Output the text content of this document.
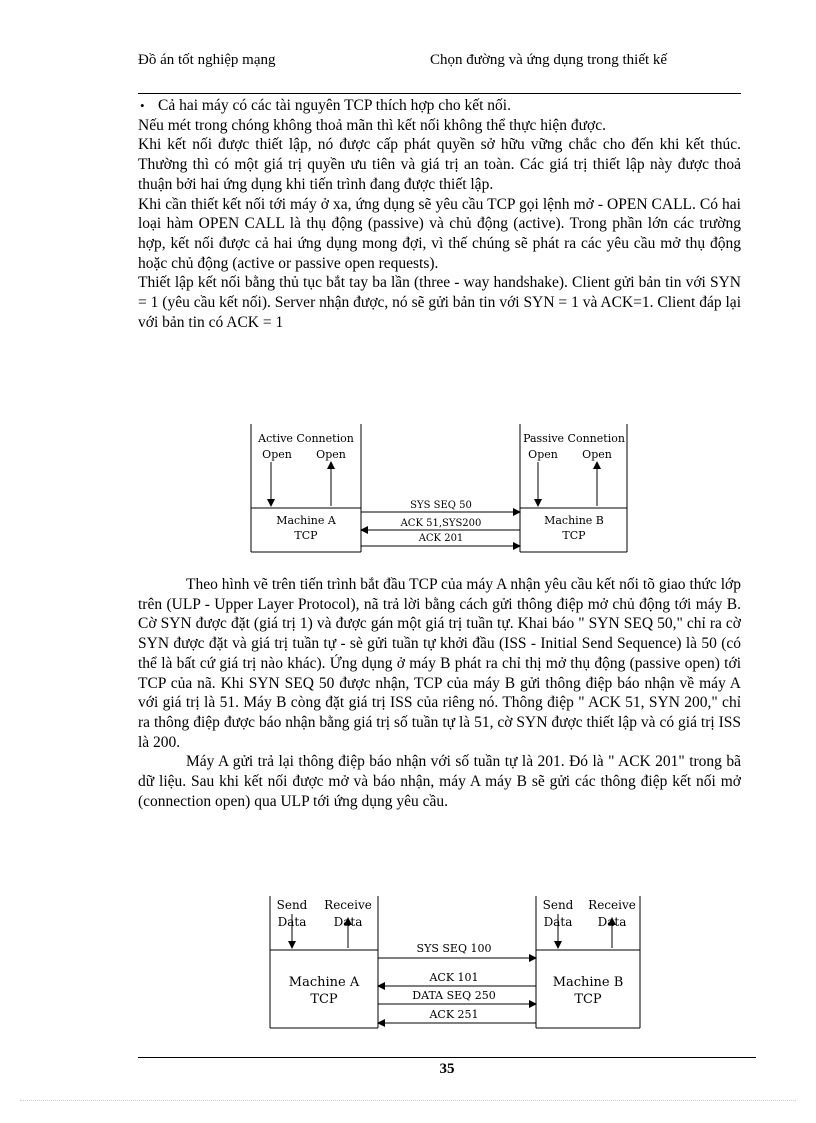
Đồ án tốt nghiệp mạng	Chọn đường và ứng dụng trong thiết kế

• Cả hai máy có các tài nguyên TCP thích hợp cho kết nối.

Nếu mét trong chóng không thoả mãn thì kết nối không thể thực hiện được.

Khi kết nối được thiết lập, nó được cấp phát quyền sở hữu vững chắc cho đến khi kết thúc. Thường thì có một giá trị quyền ưu tiên và giá trị an toàn. Các giá trị thiết lập này được thoả thuận bởi hai ứng dụng khi tiến trình đang được thiết lập.

Khi cần thiết kết nối tới máy ở xa, ứng dụng sẽ yêu cầu TCP gọi lệnh mở - OPEN CALL. Có hai loại hàm OPEN CALL là thụ động (passive) và chủ động (active). Trong phần lớn các trường hợp, kết nối được cả hai ứng dụng mong đợi, vì thế chúng sẽ phát ra các yêu cầu mở thụ động hoặc chủ động (active or passive open requests).

Thiết lập kết nối bằng thủ tục bắt tay ba lần (three - way handshake). Client gửi bản tin với SYN = 1 (yêu cầu kết nối). Server nhận được, nó sẽ gửi bản tin với SYN = 1 và ACK=1. Client đáp lại với bản tin có ACK = 1

Active Connetion
Open Open
Machine A
TCP
Passive Connetion
Open Open
Machine B
TCP
SYS SEQ 50
ACK 51,SYS200
ACK 201

Theo hình vẽ trên tiến trình bắt đầu TCP của máy A nhận yêu cầu kết nối tõ giao thức lớp trên (ULP - Upper Layer Protocol), nã trả lời bằng cách gửi thông điệp mở chủ động tới máy B. Cờ SYN được đặt (giá trị 1) và được gán một giá trị tuần tự. Khai báo " SYN SEQ 50," chỉ ra cờ SYN được đặt và giá trị tuần tự - sè gửi tuần tự khởi đầu (ISS - Initial Send Sequence) là 50 (có thể là bất cứ giá trị nào khác). Ứng dụng ở máy B phát ra chỉ thị mở thụ động (passive open) tới TCP của nã. Khi SYN SEQ 50 được nhận, TCP của máy B gửi thông điệp báo nhận về máy A với giá trị là 51. Máy B còng đặt giá trị ISS của riêng nó. Thông điệp " ACK 51, SYN 200," chỉ ra thông điệp được báo nhận bằng giá trị số tuần tự là 51, cờ SYN được thiết lập và có giá trị ISS là 200.

Máy A gửi trả lại thông điệp báo nhận với số tuần tự là 201. Đó là " ACK 201" trong bã dữ liệu. Sau khi kết nối được mở và báo nhận, máy A máy B sẽ gửi các thông điệp kết nối mở (connection open) qua ULP tới ứng dụng yêu cầu.

Send Receive
Data Data
Machine A
TCP
Send Receive
Data Data
Machine B
TCP
SYS SEQ 100
ACK 101
DATA SEQ 250
ACK 251
35
